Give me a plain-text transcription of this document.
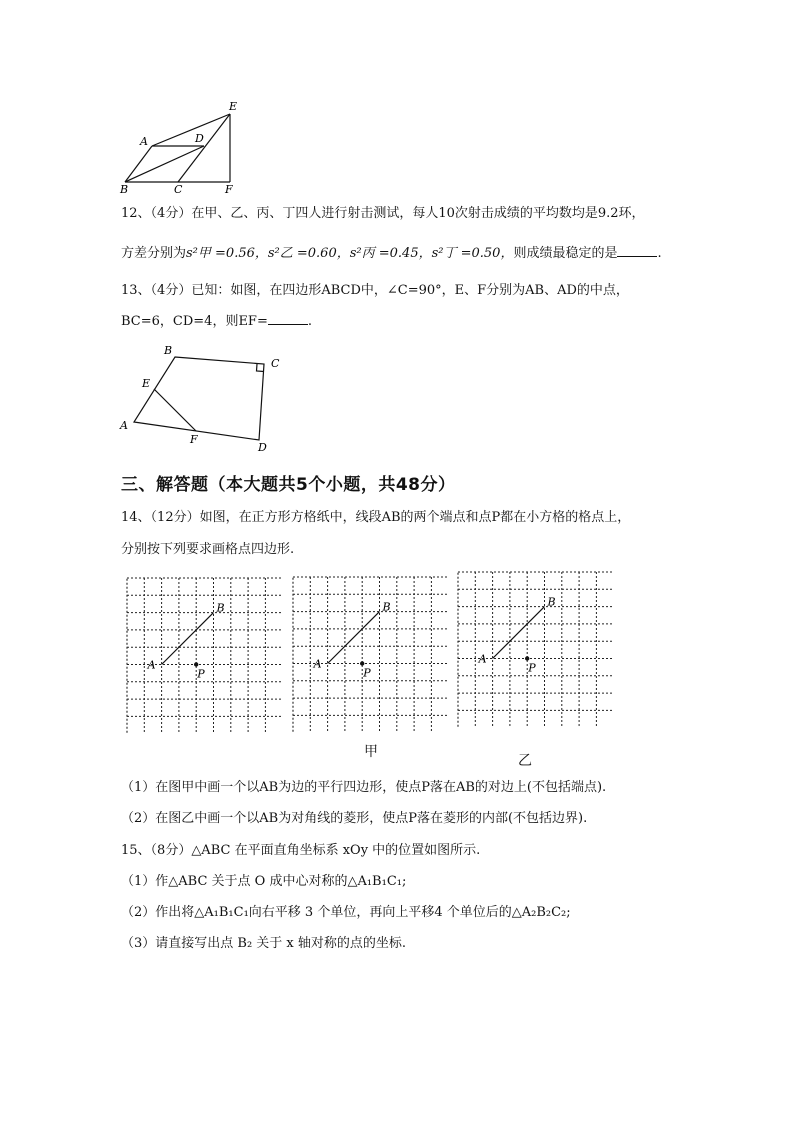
E
A	D
B	C	F
12、（4分）在甲、乙、丙、丁四人进行射击测试，每人10次射击成绩的平均数均是9.2环，
方差分别为s²甲 =0.56，s²乙 =0.60，s²丙 =0.45，s²丁 =0.50，则成绩最稳定的是	.
13、（4分）已知：如图，在四边形ABCD中，∠C=90°，E、F分别为AB、AD的中点，
BC=6，CD=4，则EF=	.
B
C
E
A
F
D
三、解答题（本大题共5个小题，共48分）
14、（12分）如图，在正方形方格纸中，线段AB的两个端点和点P都在小方格的格点上，
分别按下列要求画格点四边形.
A
B
P
A
B
P
A
B
P
甲
乙
（1）在图甲中画一个以AB为边的平行四边形，使点P落在AB的对边上(不包括端点).
（2）在图乙中画一个以AB为对角线的菱形，使点P落在菱形的内部(不包括边界).
15、（8分）△ABC 在平面直角坐标系 xOy 中的位置如图所示.
（1）作△ABC 关于点 O 成中心对称的△A₁B₁C₁;
（2）作出将△A₁B₁C₁向右平移 3 个单位，再向上平移4 个单位后的△A₂B₂C₂;
（3）请直接写出点 B₂ 关于 x 轴对称的点的坐标.
